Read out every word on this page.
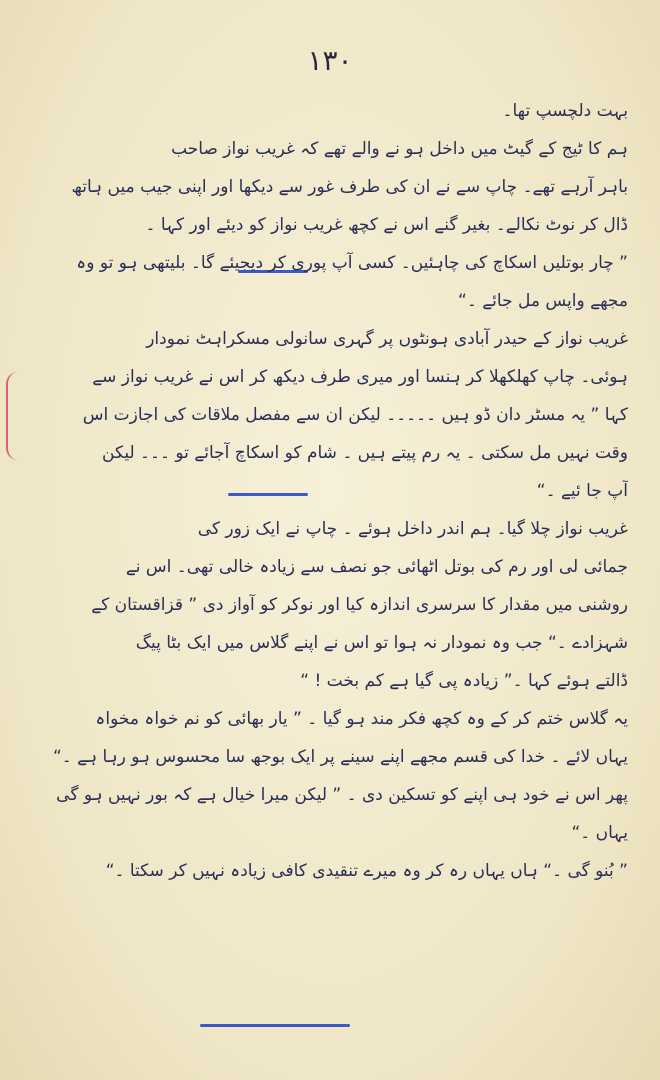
١٣٠
بہت دلچسپ تھا۔
ہم کا ٹیج کے گیٹ میں داخل ہو نے والے تھے کہ غریب نواز صاحب
باہر آرہے تھے۔ چاپ سے نے ان کی طرف غور سے دیکھا اور اپنی جیب میں ہاتھ
ڈال کر نوٹ نکالے۔ بغیر گنے اس نے کچھ غریب نواز کو دیئے اور کہا ۔
” چار بوتلیں اسکاچ کی چاہئیں۔ کسی آپ پوری کر دیجیئے گا۔ بلیتھی ہو تو وہ
مجھے واپس مل جائے ۔“
غریب نواز کے حیدر آبادی ہونٹوں پر گہری سانولی مسکراہٹ نمودار
ہوئی۔ چاپ کھلکھلا کر ہنسا اور میری طرف دیکھ کر اس نے غریب نواز سے
کہا ” یہ مسٹر دان ڈو ہیں ۔۔۔۔۔ لیکن ان سے مفصل ملاقات کی اجازت اس
وقت نہیں مل سکتی ۔ یہ رم پیتے ہیں ۔ شام کو اسکاچ آجائے تو ۔۔۔ لیکن
آپ جا ئیے ۔“
غریب نواز چلا گیا۔ ہم اندر داخل ہوئے ۔ چاپ نے ایک زور کی
جمائی لی اور رم کی بوتل اٹھائی جو نصف سے زیادہ خالی تھی۔ اس نے
روشنی میں مقدار کا سرسری اندازہ کیا اور نوکر کو آواز دی ” قزاقستان کے
شہزادے ۔“ جب وہ نمودار نہ ہوا تو اس نے اپنے گلاس میں ایک بٹا پیگ
ڈالتے ہوئے کہا ۔” زیادہ پی گیا ہے کم بخت ! “
یہ گلاس ختم کر کے وہ کچھ فکر مند ہو گیا ۔ ” یار بھائی کو نم خواہ مخواہ
یہاں لائے ۔ خدا کی قسم مجھے اپنے سینے پر ایک بوجھ سا محسوس ہو رہا ہے ۔“
پھر اس نے خود ہی اپنے کو تسکین دی ۔ ” لیکن میرا خیال ہے کہ بور نہیں ہو گی
یہاں ۔“
” بُنو گی ۔“ ہاں یہاں رہ کر وہ میرے تنقیدی کافی زیادہ نہیں کر سکتا ۔“
